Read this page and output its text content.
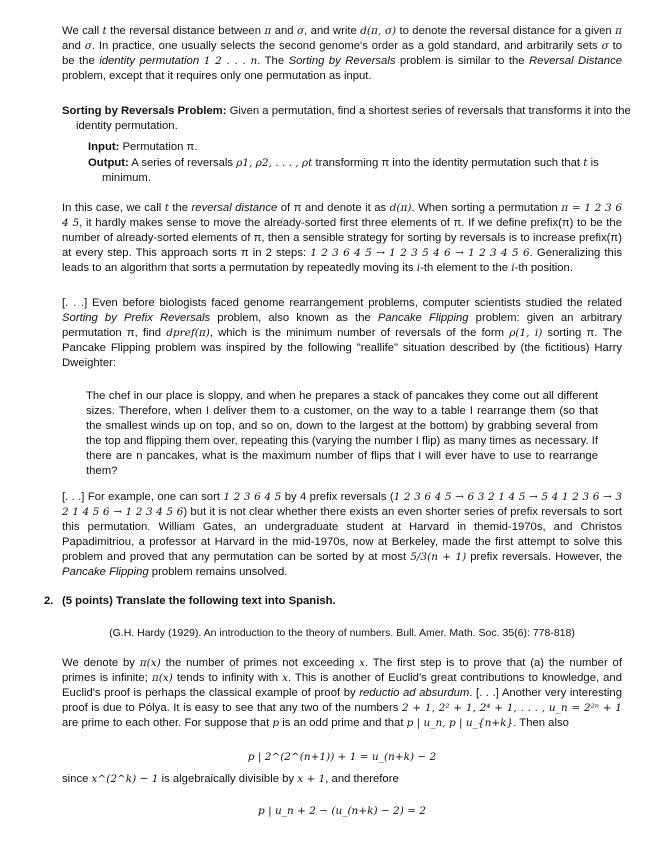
We call t the reversal distance between π and σ, and write d(π, σ) to denote the reversal distance for a given π and σ. In practice, one usually selects the second genome's order as a gold standard, and arbitrarily sets σ to be the identity permutation 1 2 . . . n. The Sorting by Reversals problem is similar to the Reversal Distance problem, except that it requires only one permutation as input.
Sorting by Reversals Problem: Given a permutation, find a shortest series of reversals that transforms it into the identity permutation.
Input: Permutation π.
Output: A series of reversals ρ1, ρ2, . . . , ρt transforming π into the identity permutation such that t is minimum.
In this case, we call t the reversal distance of π and denote it as d(π). When sorting a permutation π = 1 2 3 6 4 5, it hardly makes sense to move the already-sorted first three elements of π. If we define prefix(π) to be the number of already-sorted elements of π, then a sensible strategy for sorting by reversals is to increase prefix(π) at every step. This approach sorts π in 2 steps: 1 2 3 6 4 5 → 1 2 3 5 4 6 → 1 2 3 4 5 6. Generalizing this leads to an algorithm that sorts a permutation by repeatedly moving its i-th element to the i-th position.
[. . .] Even before biologists faced genome rearrangement problems, computer scientists studied the related Sorting by Prefix Reversals problem, also known as the Pancake Flipping problem: given an arbitrary permutation π, find dpref(π), which is the minimum number of reversals of the form ρ(1, i) sorting π. The Pancake Flipping problem was inspired by the following "reallife" situation described by (the fictitious) Harry Dweighter:
The chef in our place is sloppy, and when he prepares a stack of pancakes they come out all different sizes. Therefore, when I deliver them to a customer, on the way to a table I rearrange them (so that the smallest winds up on top, and so on, down to the largest at the bottom) by grabbing several from the top and flipping them over, repeating this (varying the number I flip) as many times as necessary. If there are n pancakes, what is the maximum number of flips that I will ever have to use to rearrange them?
[. . .] For example, one can sort 1 2 3 6 4 5 by 4 prefix reversals (1 2 3 6 4 5 → 6 3 2 1 4 5 → 5 4 1 2 3 6 → 3 2 1 4 5 6 → 1 2 3 4 5 6) but it is not clear whether there exists an even shorter series of prefix reversals to sort this permutation. William Gates, an undergraduate student at Harvard in themid-1970s, and Christos Papadimitriou, a professor at Harvard in the mid-1970s, now at Berkeley, made the first attempt to solve this problem and proved that any permutation can be sorted by at most 5/3(n + 1) prefix reversals. However, the Pancake Flipping problem remains unsolved.
2. (5 points) Translate the following text into Spanish.
(G.H. Hardy (1929). An introduction to the theory of numbers. Bull. Amer. Math. Soc. 35(6): 778-818)
We denote by π(x) the number of primes not exceeding x. The first step is to prove that (a) the number of primes is infinite; π(x) tends to infinity with x. This is another of Euclid's great contributions to knowledge, and Euclid's proof is perhaps the classical example of proof by reductio ad absurdum. [. . .] Another very interesting proof is due to Pólya. It is easy to see that any two of the numbers 2 + 1, 2² + 1, 2⁴ + 1, . . . , u_n = 2²ⁿ + 1 are prime to each other. For suppose that p is an odd prime and that p | u_n, p | u_{n+k}. Then also
p | 2^(2^(n+1)) + 1 = u_(n+k) − 2
since x^(2^k) − 1 is algebraically divisible by x + 1, and therefore
p | u_n + 2 − (u_(n+k) − 2) = 2
